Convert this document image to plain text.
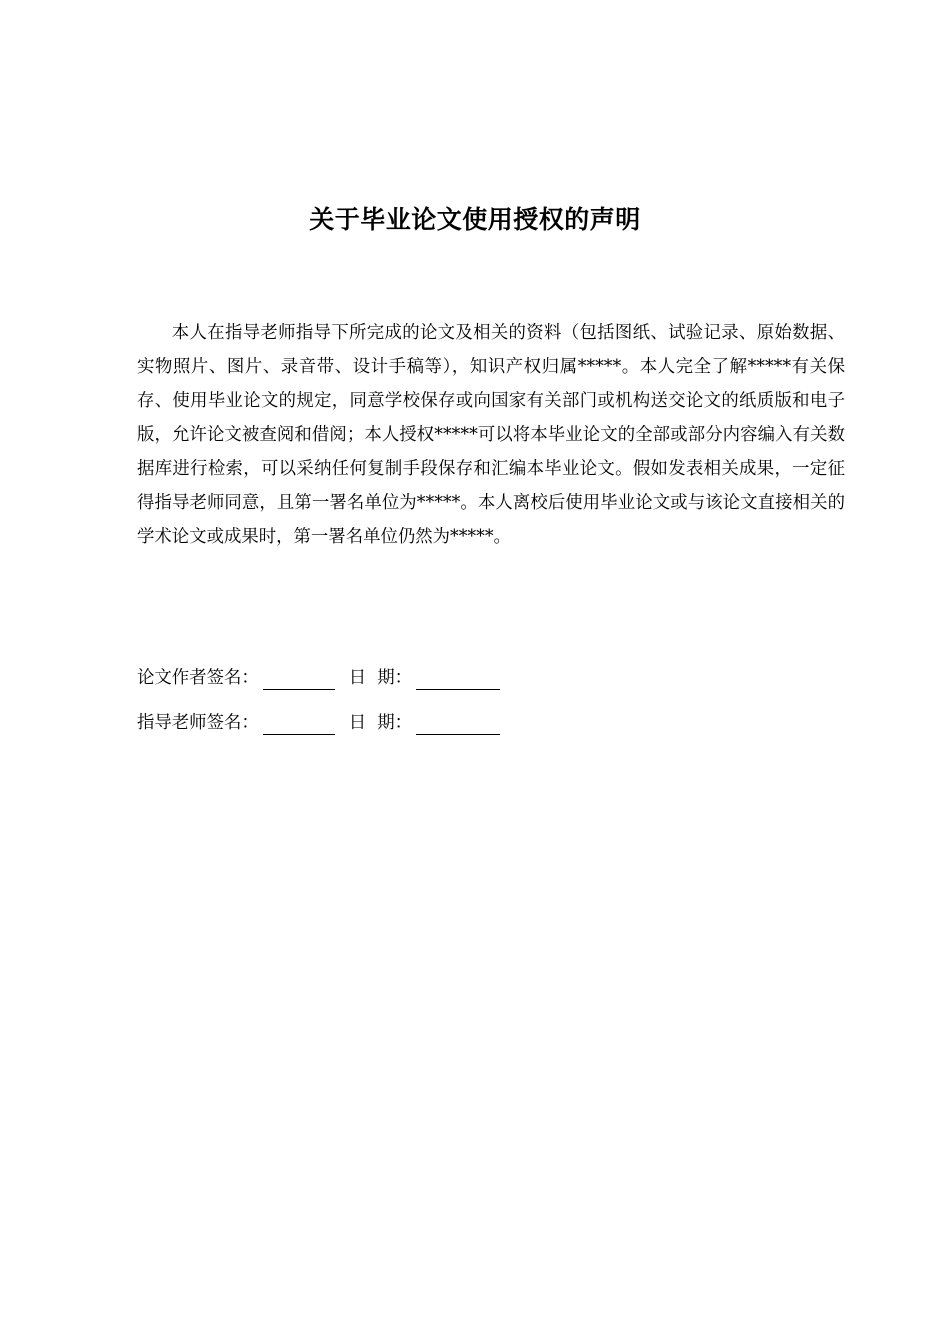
关于毕业论文使用授权的声明

本人在指导老师指导下所完成的论文及相关的资料（包括图纸、试验记录、原始数据、实物照片、图片、录音带、设计手稿等），知识产权归属*****。本人完全了解*****有关保存、使用毕业论文的规定，同意学校保存或向国家有关部门或机构送交论文的纸质版和电子版，允许论文被查阅和借阅；本人授权*****可以将本毕业论文的全部或部分内容编入有关数据库进行检索，可以采纳任何复制手段保存和汇编本毕业论文。假如发表相关成果，一定征得指导老师同意，且第一署名单位为*****。本人离校后使用毕业论文或与该论文直接相关的学术论文或成果时，第一署名单位仍然为*****。

论文作者签名：	日  期：
指导老师签名：	日  期：
